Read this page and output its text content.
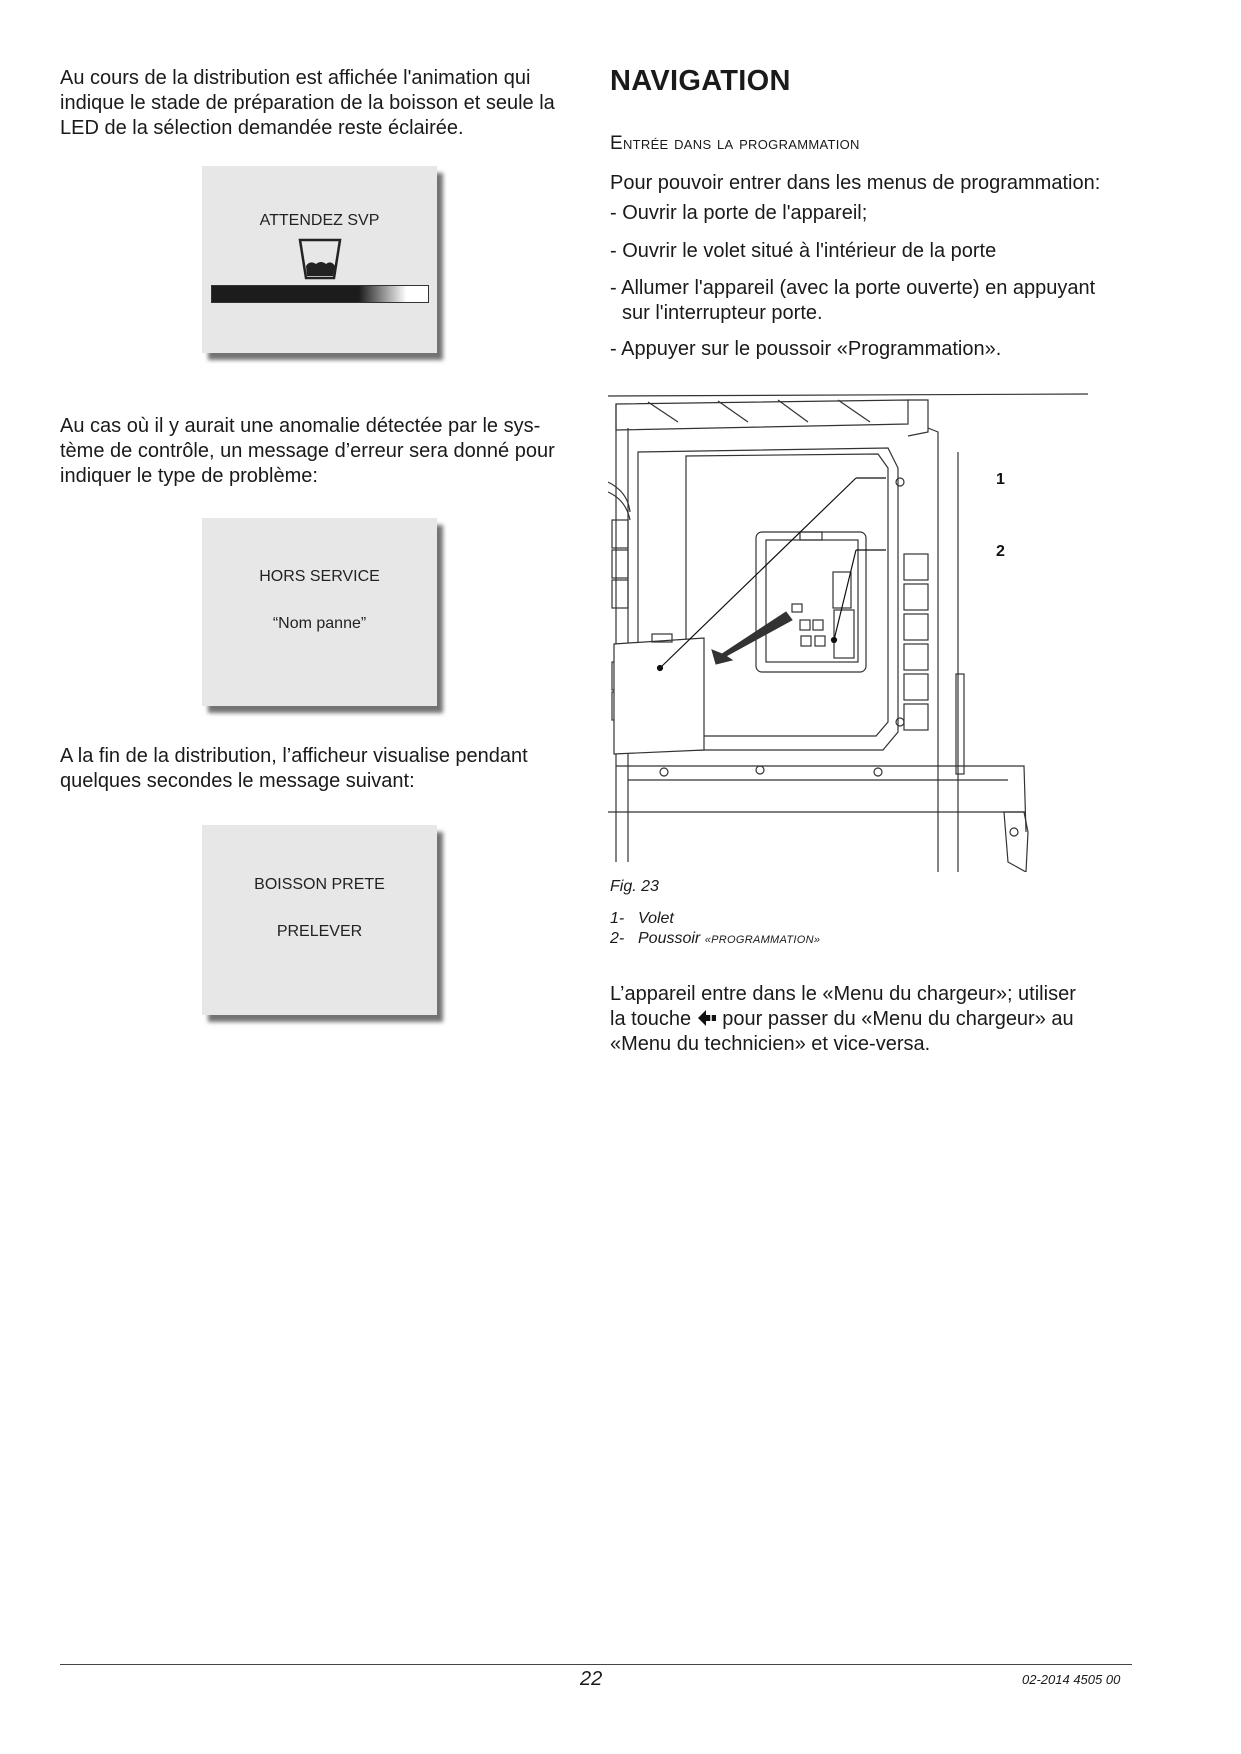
Au cours de la distribution est affichée l'animation qui

indique le stade de préparation de la boisson et seule la

LED de la sélection demandée reste éclairée.

ATTENDEZ SVP

Au cas où il y aurait une anomalie détectée par le sys-

tème de contrôle, un message d’erreur sera donné pour

indiquer le type de problème:

HORS SERVICE
“Nom panne”

A la fin de la distribution, l’afficheur visualise pendant

quelques secondes le message suivant:

BOISSON PRETE
PRELEVER
NAVIGATION

Entrée dans la programmation

Pour pouvoir entrer dans les menus de programmation:

- Ouvrir la porte de l'appareil;

- Ouvrir le volet situé à l'intérieur de la porte

- Allumer l'appareil (avec la porte ouverte) en appuyant

sur l'interrupteur porte.

- Appuyer sur le poussoir «Programmation».

1
2

Fig. 23

1- Volet

2- Poussoir «PROGRAMMATION»

L’appareil entre dans le «Menu du chargeur»; utiliser

la touche pour passer du «Menu du chargeur» au

«Menu du technicien» et vice-versa.

22	02-2014 4505 00
